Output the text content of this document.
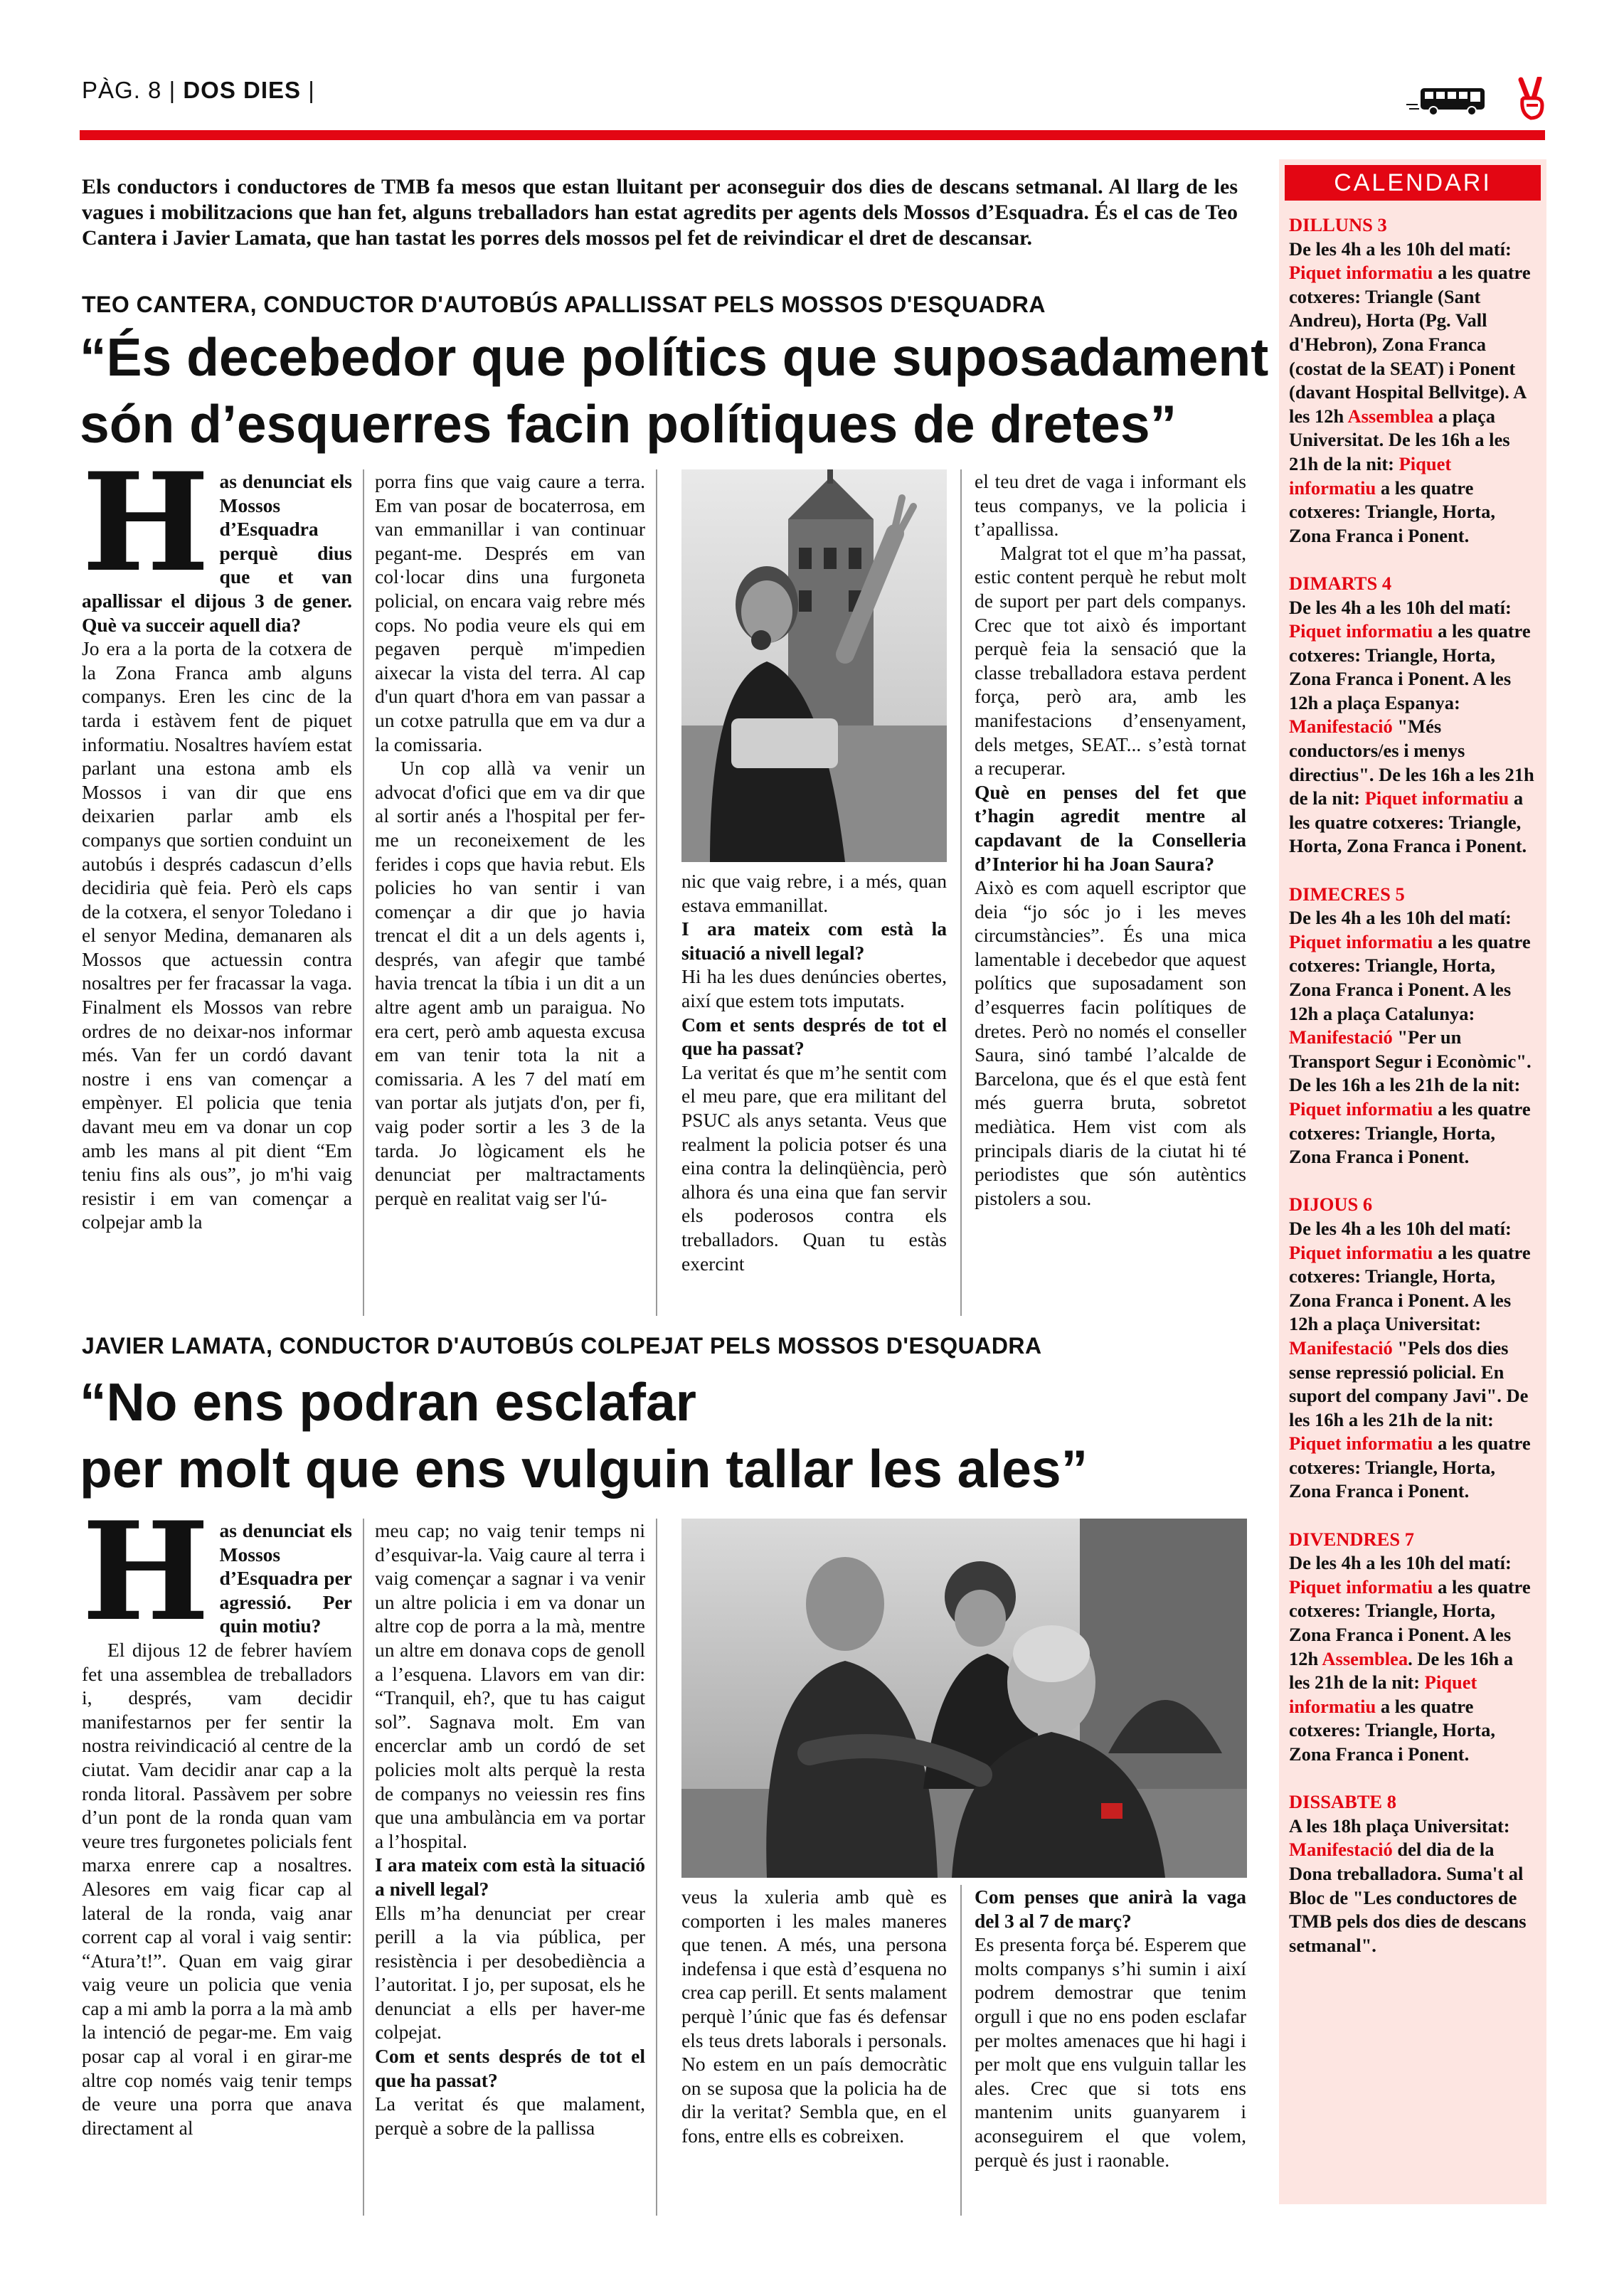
PÀG. 8 | DOS DIES |
Els conductors i conductores de TMB fa mesos que estan lluitant per aconseguir dos dies de descans setmanal. Al llarg de les vagues i mobilitzacions que han fet, alguns treballadors han estat agredits per agents dels Mossos d’Esquadra. És el cas de Teo Cantera i Javier Lamata, que han tastat les porres dels mossos pel fet de reivindicar el dret de descansar.
TEO CANTERA, CONDUCTOR D'AUTOBÚS APALLISSAT PELS MOSSOS D'ESQUADRA
“És decebedor que polítics que suposadament
són d’esquerres facin polítiques de dretes”
H as denunciat els Mossos d’Esquadra perquè dius que et van apallissar el dijous 3 de gener. Què va succeir aquell dia?

Jo era a la porta de la cotxera de la Zona Franca amb alguns companys. Eren les cinc de la tarda i estàvem fent de piquet informatiu. Nosaltres havíem estat parlant una estona amb els Mossos i van dir que ens deixarien parlar amb els companys que sortien conduint un autobús i després cadascun d’ells decidiria què feia. Però els caps de la cotxera, el senyor Toledano i el senyor Medina, demanaren als Mossos que actuessin contra nosaltres per fer fracassar la vaga. Finalment els Mossos van rebre ordres de no deixar-nos informar més. Van fer un cordó davant nostre i ens van començar a empènyer. El policia que tenia davant meu em va donar un cop amb les mans al pit dient “Em teniu fins als ous”, jo m'hi vaig resistir i em van començar a colpejar amb la

porra fins que vaig caure a terra. Em van posar de bocaterrosa, em van emmanillar i van continuar pegant-me. Després em van col·locar dins una furgoneta policial, on encara vaig rebre més cops. No podia veure els qui em pegaven perquè m'impedien aixecar la vista del terra. Al cap d'un quart d'hora em van passar a un cotxe patrulla que em va dur a la comissaria.

Un cop allà va venir un advocat d'ofici que em va dir que al sortir anés a l'hospital per fer-me un reconeixement de les ferides i cops que havia rebut. Els policies ho van sentir i van començar a dir que jo havia trencat el dit a un dels agents i, després, van afegir que també havia trencat la tíbia i un dit a un altre agent amb un paraigua. No era cert, però amb aquesta excusa em van tenir tota la nit a comissaria. A les 7 del matí em van portar als jutjats d'on, per fi, vaig poder sortir a les 3 de la tarda. Jo lògicament els he denunciat per maltractaments perquè en realitat vaig ser l'ú-

nic que vaig rebre, i a més, quan estava emmanillat.

I ara mateix com està la situació a nivell legal?

Hi ha les dues denúncies obertes, així que estem tots imputats.

Com et sents després de tot el que ha passat?

La veritat és que m’he sentit com el meu pare, que era militant del PSUC als anys setanta. Veus que realment la policia potser és una eina contra la delinqüència, però alhora és una eina que fan servir els poderosos contra els treballadors. Quan tu estàs exercint

el teu dret de vaga i informant els teus companys, ve la policia i t’apallissa.

Malgrat tot el que m’ha passat, estic content perquè he rebut molt de suport per part dels companys. Crec que tot això és important perquè feia la sensació que la classe treballadora estava perdent força, però ara, amb les manifestacions d’ensenyament, dels metges, SEAT... s’està tornat a recuperar.

Què en penses del fet que t’hagin agredit mentre al capdavant de la Conselleria d’Interior hi ha Joan Saura?

Això es com aquell escriptor que deia “jo sóc jo i les meves circumstàncies”. És una mica lamentable i decebedor que aquest polítics que suposadament son d’esquerres facin polítiques de dretes. Però no només el conseller Saura, sinó també l’alcalde de Barcelona, que és el que està fent més guerra bruta, sobretot mediàtica. Hem vist com als principals diaris de la ciutat hi té periodistes que són autèntics pistolers a sou.

JAVIER LAMATA, CONDUCTOR D'AUTOBÚS COLPEJAT PELS MOSSOS D'ESQUADRA
“No ens podran esclafar
per molt que ens vulguin tallar les ales”
H as denunciat els Mossos d’Esquadra per agressió. Per quin motiu?

El dijous 12 de febrer havíem fet una assemblea de treballadors i, després, vam decidir manifestarnos per fer sentir la nostra reivindicació al centre de la ciutat. Vam decidir anar cap a la ronda litoral. Passàvem per sobre d’un pont de la ronda quan vam veure tres furgonetes policials fent marxa enrere cap a nosaltres. Alesores em vaig ficar cap al lateral de la ronda, vaig anar corrent cap al voral i vaig sentir: “Atura’t!”. Quan em vaig girar vaig veure un policia que venia cap a mi amb la porra a la mà amb la intenció de pegar-me. Em vaig posar cap al voral i en girar-me altre cop només vaig tenir temps de veure una porra que anava directament al

meu cap; no vaig tenir temps ni d’esquivar-la. Vaig caure al terra i vaig començar a sagnar i va venir un altre policia i em va donar un altre cop de porra a la mà, mentre un altre em donava cops de genoll a l’esquena. Llavors em van dir: “Tranquil, eh?, que tu has caigut sol”. Sagnava molt. Em van encerclar amb un cordó de set policies molt alts perquè la resta de companys no veiessin res fins que una ambulància em va portar a l’hospital.

I ara mateix com està la situació a nivell legal?

Ells m’ha denunciat per crear perill a la via pública, per resistència i per desobediència a l’autoritat. I jo, per suposat, els he denunciat a ells per haver-me colpejat.

Com et sents després de tot el que ha passat?

La veritat és que malament, perquè a sobre de la pallissa

veus la xuleria amb què es comporten i les males maneres que tenen. A més, una persona indefensa i que està d’esquena no crea cap perill. Et sents malament perquè l’únic que fas és defensar els teus drets laborals i personals. No estem en un país democràtic on se suposa que la policia ha de dir la veritat? Sembla que, en el fons, entre ells es cobreixen.

Com penses que anirà la vaga del 3 al 7 de març?

Es presenta força bé. Esperem que molts companys s’hi sumin i així podrem demostrar que tenim orgull i que no ens poden esclafar per moltes amenaces que hi hagi i per molt que ens vulguin tallar les ales. Crec que si tots ens mantenim units guanyarem i aconseguirem el que volem, perquè és just i raonable.

CALENDARI
DILLUNS 3
De les 4h a les 10h del matí: Piquet informatiu a les quatre cotxeres: Triangle (Sant Andreu), Horta (Pg. Vall d'Hebron), Zona Franca (costat de la SEAT) i Ponent (davant Hospital Bellvitge). A les 12h Assemblea a plaça Universitat. De les 16h a les 21h de la nit: Piquet informatiu a les quatre cotxeres: Triangle, Horta, Zona Franca i Ponent.
DIMARTS 4
De les 4h a les 10h del matí: Piquet informatiu a les quatre cotxeres: Triangle, Horta, Zona Franca i Ponent. A les 12h a plaça Espanya: Manifestació "Més conductors/es i menys directius". De les 16h a les 21h de la nit: Piquet informatiu a les quatre cotxeres: Triangle, Horta, Zona Franca i Ponent.
DIMECRES 5
De les 4h a les 10h del matí: Piquet informatiu a les quatre cotxeres: Triangle, Horta, Zona Franca i Ponent. A les 12h a plaça Catalunya: Manifestació "Per un Transport Segur i Econòmic". De les 16h a les 21h de la nit: Piquet informatiu a les quatre cotxeres: Triangle, Horta, Zona Franca i Ponent.
DIJOUS 6
De les 4h a les 10h del matí: Piquet informatiu a les quatre cotxeres: Triangle, Horta, Zona Franca i Ponent. A les 12h a plaça Universitat: Manifestació "Pels dos dies sense repressió policial. En suport del company Javi". De les 16h a les 21h de la nit: Piquet informatiu a les quatre cotxeres: Triangle, Horta, Zona Franca i Ponent.
DIVENDRES 7
De les 4h a les 10h del matí: Piquet informatiu a les quatre cotxeres: Triangle, Horta, Zona Franca i Ponent. A les 12h Assemblea. De les 16h a les 21h de la nit: Piquet informatiu a les quatre cotxeres: Triangle, Horta, Zona Franca i Ponent.
DISSABTE 8
A les 18h plaça Universitat: Manifestació del dia de la Dona treballadora. Suma't al Bloc de "Les conductores de TMB pels dos dies de descans setmanal".
